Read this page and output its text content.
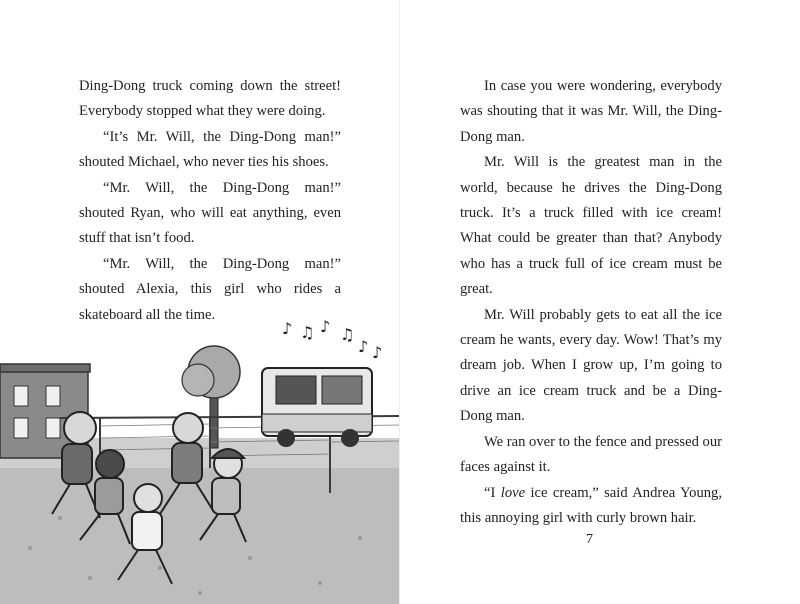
Ding-Dong truck coming down the street! Everybody stopped what they were doing.

“It’s Mr. Will, the Ding-Dong man!” shouted Michael, who never ties his shoes.

“Mr. Will, the Ding-Dong man!” shouted Ryan, who will eat anything, even stuff that isn’t food.

“Mr. Will, the Ding-Dong man!” shouted Alexia, this girl who rides a skateboard all the time.

♪ ♫ ♪ ♫
♪ ♪

In case you were wondering, everybody was shouting that it was Mr. Will, the Ding-Dong man.

Mr. Will is the greatest man in the world, because he drives the Ding-Dong truck. It’s a truck filled with ice cream! What could be greater than that? Anybody who has a truck full of ice cream must be great.

Mr. Will probably gets to eat all the ice cream he wants, every day. Wow! That’s my dream job. When I grow up, I’m going to drive an ice cream truck and be a Ding-Dong man.

We ran over to the fence and pressed our faces against it.

“I love ice cream,” said Andrea Young, this annoying girl with curly brown hair.

7
